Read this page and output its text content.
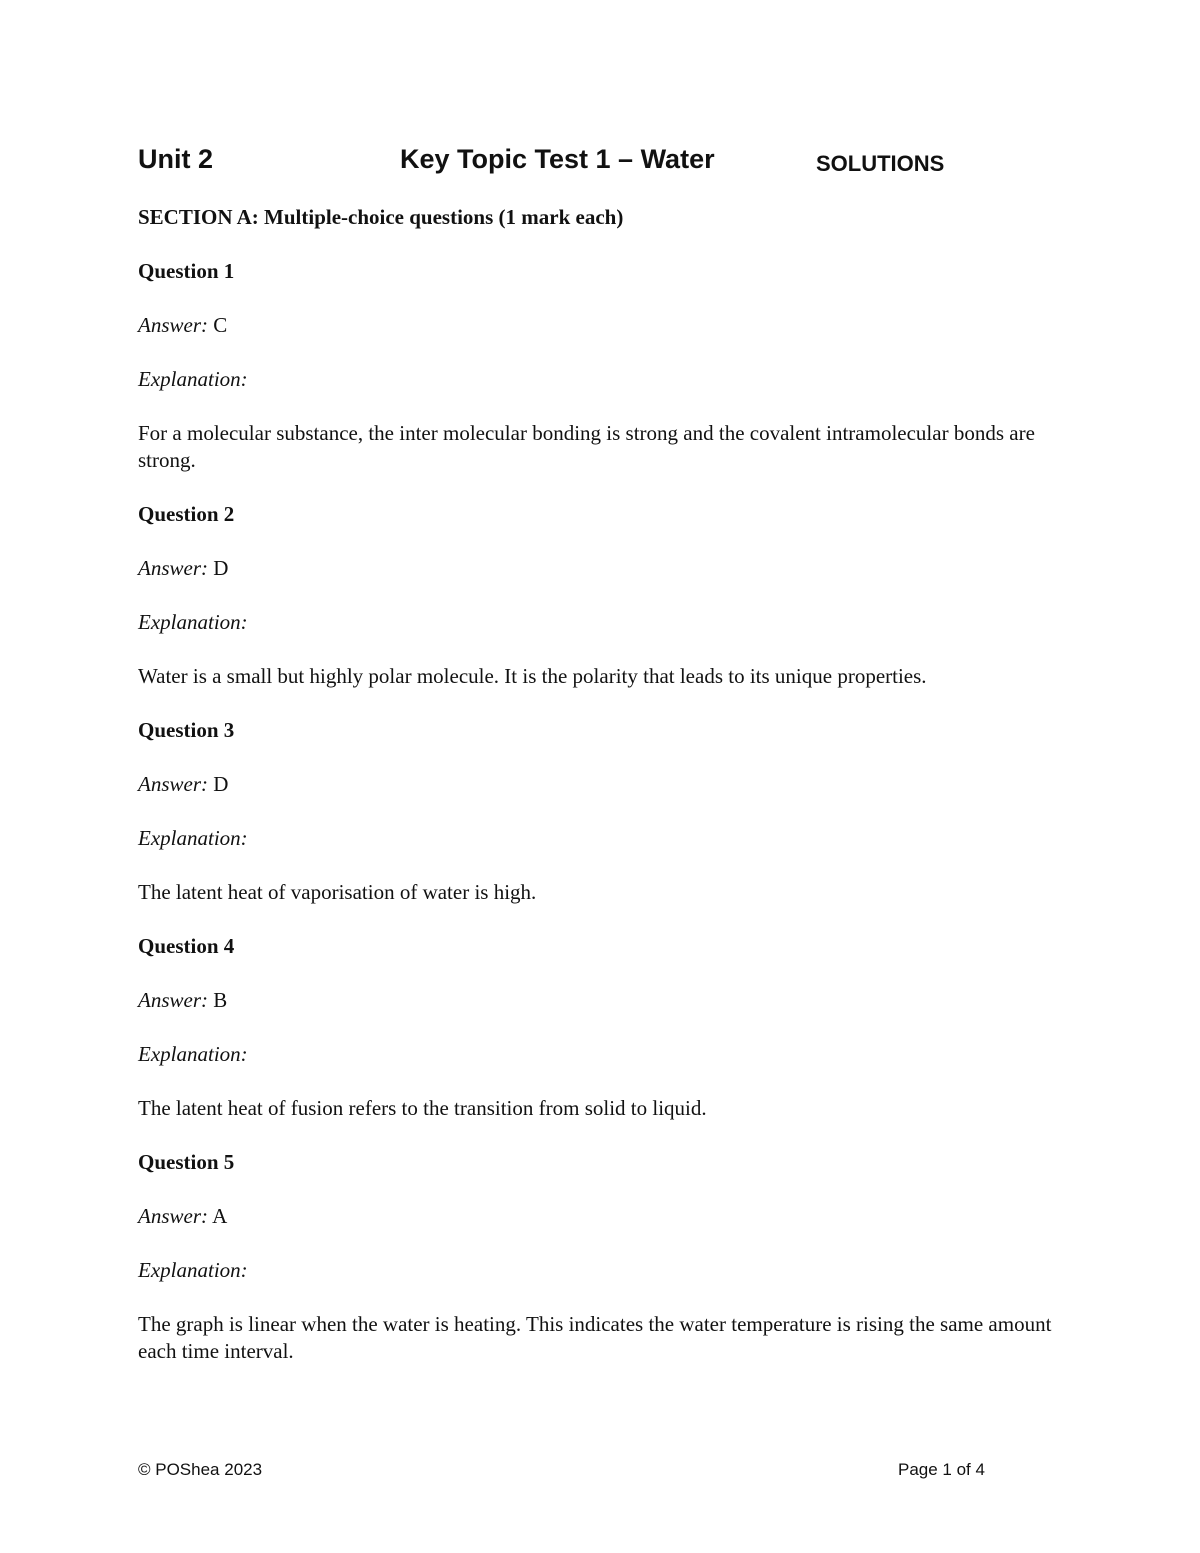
Unit 2	Key Topic Test 1 – Water	SOLUTIONS

SECTION A: Multiple-choice questions (1 mark each)

Question 1

Answer: C

Explanation:

For a molecular substance, the inter molecular bonding is strong and the covalent intramolecular bonds are strong.

Question 2

Answer: D

Explanation:

Water is a small but highly polar molecule. It is the polarity that leads to its unique properties.

Question 3

Answer: D

Explanation:

The latent heat of vaporisation of water is high.

Question 4

Answer: B

Explanation:

The latent heat of fusion refers to the transition from solid to liquid.

Question 5

Answer: A

Explanation:

The graph is linear when the water is heating. This indicates the water temperature is rising the same amount each time interval.

© POShea 2023	Page 1 of 4
